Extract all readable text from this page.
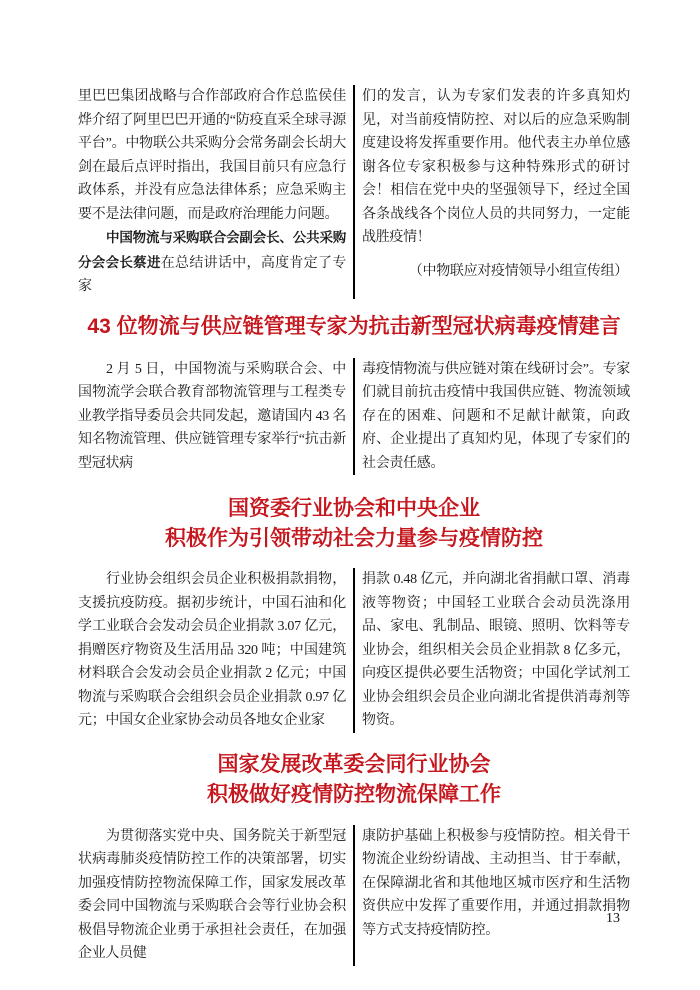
里巴巴集团战略与合作部政府合作总监侯佳烨介绍了阿里巴巴开通的“防疫直采全球寻源平台”。中物联公共采购分会常务副会长胡大剑在最后点评时指出，我国目前只有应急行政体系，并没有应急法律体系；应急采购主要不是法律问题，而是政府治理能力问题。

中国物流与采购联合会副会长、公共采购分会会长蔡进在总结讲话中，高度肯定了专家

们的发言，认为专家们发表的许多真知灼见，对当前疫情防控、对以后的应急采购制度建设将发挥重要作用。他代表主办单位感谢各位专家积极参与这种特殊形式的研讨会！相信在党中央的坚强领导下，经过全国各条战线各个岗位人员的共同努力，一定能战胜疫情！

（中物联应对疫情领导小组宣传组）

43 位物流与供应链管理专家为抗击新型冠状病毒疫情建言

2 月 5 日，中国物流与采购联合会、中国物流学会联合教育部物流管理与工程类专业教学指导委员会共同发起，邀请国内 43 名知名物流管理、供应链管理专家举行“抗击新型冠状病

毒疫情物流与供应链对策在线研讨会”。专家们就目前抗击疫情中我国供应链、物流领域存在的困难、问题和不足献计献策，向政府、企业提出了真知灼见，体现了专家们的社会责任感。

国资委行业协会和中央企业
积极作为引领带动社会力量参与疫情防控

行业协会组织会员企业积极捐款捐物，支援抗疫防疫。据初步统计，中国石油和化学工业联合会发动会员企业捐款 3.07 亿元，捐赠医疗物资及生活用品 320 吨；中国建筑材料联合会发动会员企业捐款 2 亿元；中国物流与采购联合会组织会员企业捐款 0.97 亿元；中国女企业家协会动员各地女企业家

捐款 0.48 亿元，并向湖北省捐献口罩、消毒液等物资；中国轻工业联合会动员洗涤用品、家电、乳制品、眼镜、照明、饮料等专业协会，组织相关会员企业捐款 8 亿多元，向疫区提供必要生活物资；中国化学试剂工业协会组织会员企业向湖北省提供消毒剂等物资。

国家发展改革委会同行业协会
积极做好疫情防控物流保障工作

为贯彻落实党中央、国务院关于新型冠状病毒肺炎疫情防控工作的决策部署，切实加强疫情防控物流保障工作，国家发展改革委会同中国物流与采购联合会等行业协会积极倡导物流企业勇于承担社会责任，在加强企业人员健

康防护基础上积极参与疫情防控。相关骨干物流企业纷纷请战、主动担当、甘于奉献，在保障湖北省和其他地区城市医疗和生活物资供应中发挥了重要作用，并通过捐款捐物等方式支持疫情防控。

13
